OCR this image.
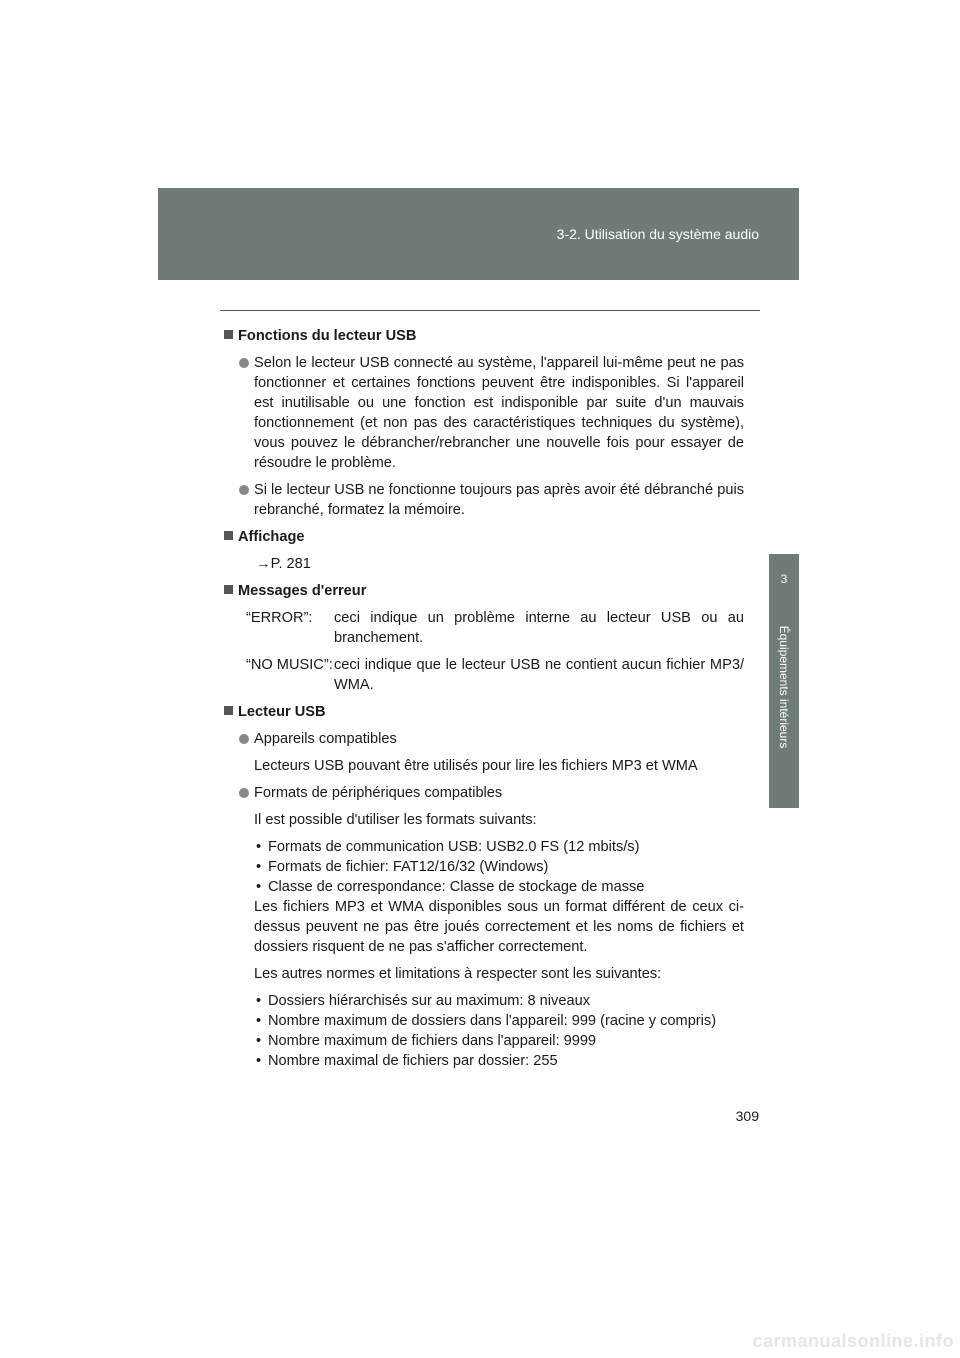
3-2. Utilisation du système audio
3
Équipements intérieurs

Fonctions du lecteur USB

Selon le lecteur USB connecté au système, l'appareil lui-même peut ne pas fonctionner et certaines fonctions peuvent être indisponibles. Si l'appareil est inutilisable ou une fonction est indisponible par suite d'un mauvais fonctionnement (et non pas des caractéristiques techniques du système), vous pouvez le débrancher/rebrancher une nouvelle fois pour essayer de résoudre le problème.

Si le lecteur USB ne fonctionne toujours pas après avoir été débranché puis rebranché, formatez la mémoire.

Affichage

→P. 281

Messages d'erreur

“ERROR”:	ceci indique un problème interne au lecteur USB ou au branchement.
“NO MUSIC”: ceci indique que le lecteur USB ne contient aucun fichier MP3/ WMA.

Lecteur USB

Appareils compatibles

Lecteurs USB pouvant être utilisés pour lire les fichiers MP3 et WMA

Formats de périphériques compatibles

Il est possible d'utiliser les formats suivants:

• Formats de communication USB: USB2.0 FS (12 mbits/s)
• Formats de fichier: FAT12/16/32 (Windows)
• Classe de correspondance: Classe de stockage de masse

Les fichiers MP3 et WMA disponibles sous un format différent de ceux ci-dessus peuvent ne pas être joués correctement et les noms de fichiers et dossiers risquent de ne pas s'afficher correctement.

Les autres normes et limitations à respecter sont les suivantes:

• Dossiers hiérarchisés sur au maximum: 8 niveaux
• Nombre maximum de dossiers dans l'appareil: 999 (racine y compris)
• Nombre maximum de fichiers dans l'appareil: 9999
• Nombre maximal de fichiers par dossier: 255
309
carmanualsonline.info
